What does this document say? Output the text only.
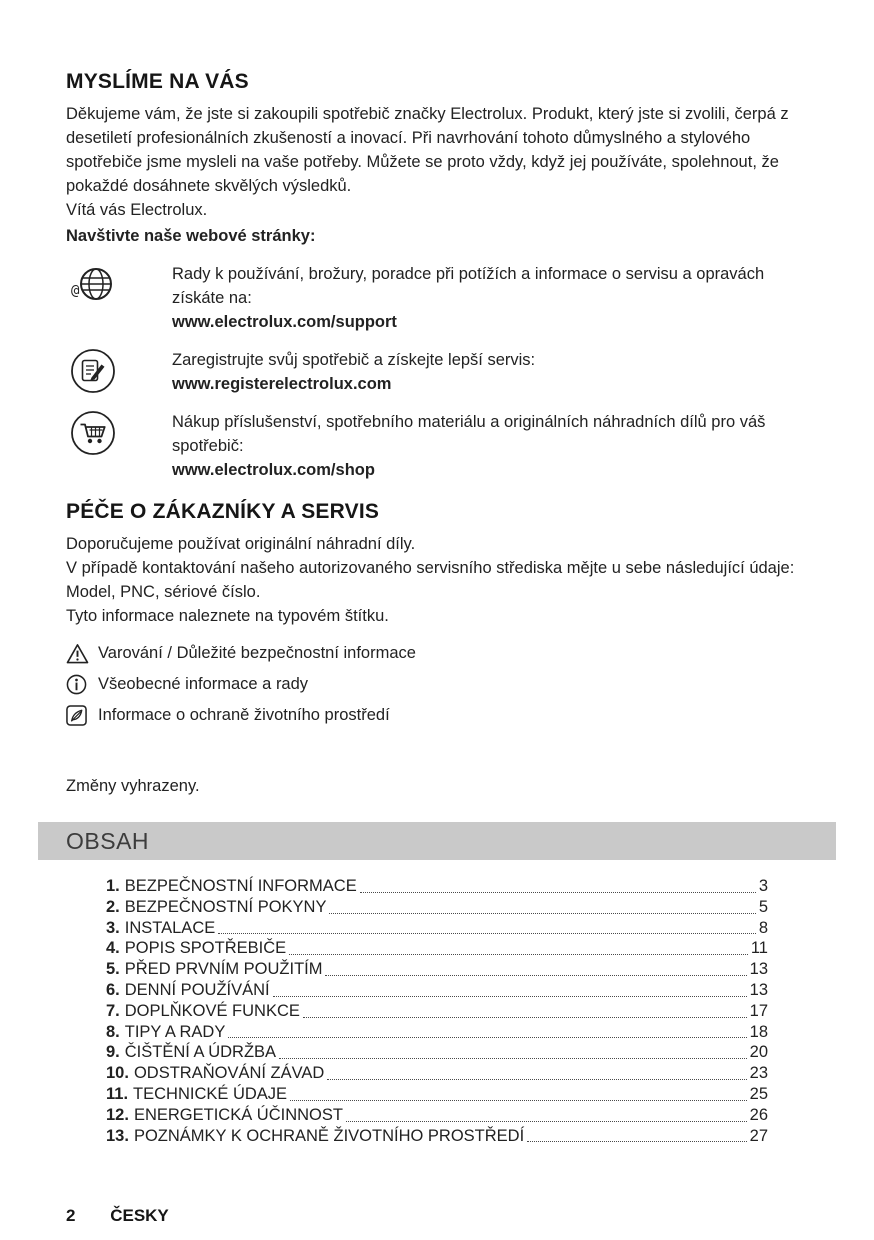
MYSLÍME NA VÁS

Děkujeme vám, že jste si zakoupili spotřebič značky Electrolux. Produkt, který jste si zvolili, čerpá z desetiletí profesionálních zkušeností a inovací. Při navrhování tohoto důmyslného a stylového spotřebiče jsme mysleli na vaše potřeby. Můžete se proto vždy, když jej používáte, spolehnout, že pokaždé dosáhnete skvělých výsledků.

Vítá vás Electrolux.

Navštivte naše webové stránky:

@
Rady k používání, brožury, poradce při potížích a informace o servisu a opravách získáte na:
www.electrolux.com/support
Zaregistrujte svůj spotřebič a získejte lepší servis:
www.registerelectrolux.com
Nákup příslušenství, spotřebního materiálu a originálních náhradních dílů pro váš spotřebič:
www.electrolux.com/shop
PÉČE O ZÁKAZNÍKY A SERVIS

Doporučujeme používat originální náhradní díly.

V případě kontaktování našeho autorizovaného servisního střediska mějte u sebe následující údaje: Model, PNC, sériové číslo.

Tyto informace naleznete na typovém štítku.

Varování / Důležité bezpečnostní informace
Všeobecné informace a rady
Informace o ochraně životního prostředí

Změny vyhrazeny.

OBSAH
1. BEZPEČNOSTNÍ INFORMACE	3
2. BEZPEČNOSTNÍ POKYNY	5
3. INSTALACE	8
4. POPIS SPOTŘEBIČE	11
5. PŘED PRVNÍM POUŽITÍM	13
6. DENNÍ POUŽÍVÁNÍ	13
7. DOPLŇKOVÉ FUNKCE	17
8. TIPY A RADY	18
9. ČIŠTĚNÍ A ÚDRŽBA	20
10. ODSTRAŇOVÁNÍ ZÁVAD	23
11. TECHNICKÉ ÚDAJE	25
12. ENERGETICKÁ ÚČINNOST	26
13. POZNÁMKY K OCHRANĚ ŽIVOTNÍHO PROSTŘEDÍ	27
2 ČESKY
